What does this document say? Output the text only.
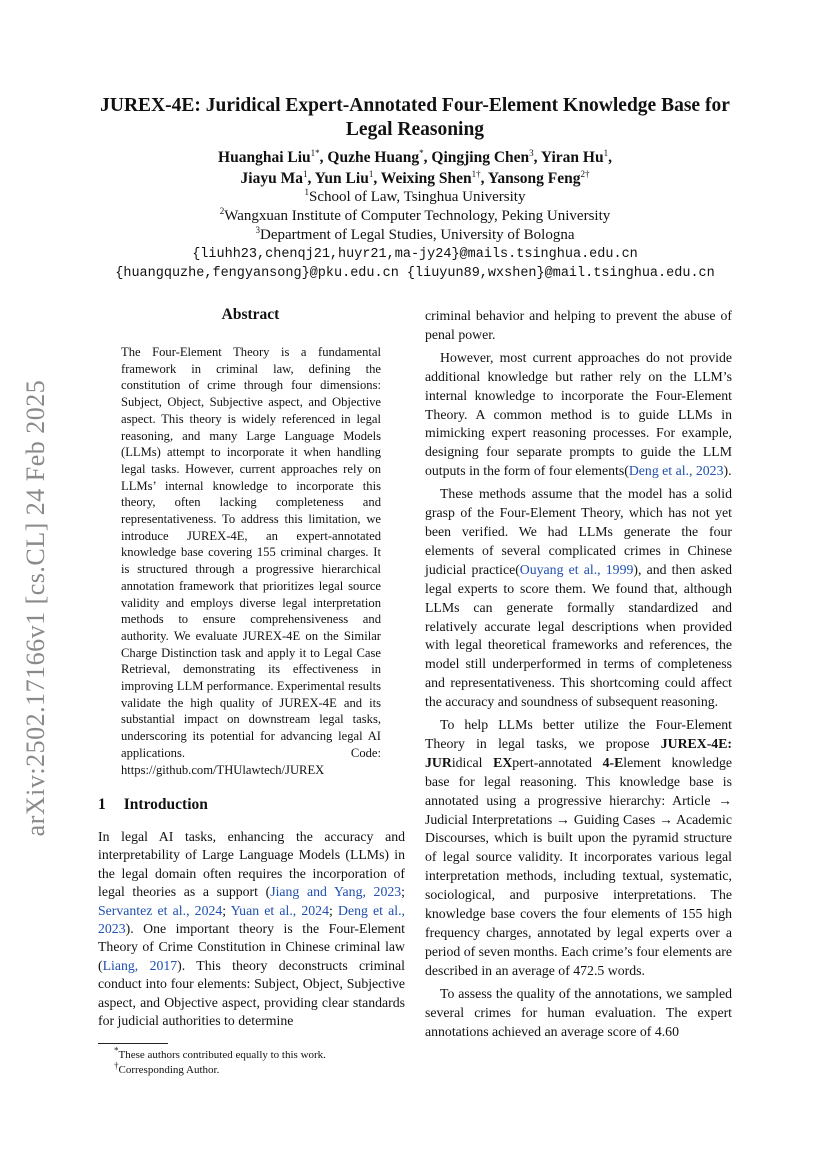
arXiv:2502.17166v1 [cs.CL] 24 Feb 2025
JUREX-4E: Juridical Expert-Annotated Four-Element Knowledge Base for
Legal Reasoning
Huanghai Liu$^{1*}$, Quzhe Huang*, Qingjing Chen$^3$, Yiran Hu$^1$,
Jiayu Ma$^1$, Yun Liu$^1$, Weixing Shen$^{1\dagger}$, Yansong Feng$^{2\dagger}$
$^1$School of Law, Tsinghua University
$^2$Wangxuan Institute of Computer Technology, Peking University
$^3$Department of Legal Studies, University of Bologna
{liuhh23,chenqj21,huyr21,ma-jy24}@mails.tsinghua.edu.cn
{huangquzhe,fengyansong}@pku.edu.cn {liuyun89,wxshen}@mail.tsinghua.edu.cn
Abstract
The Four-Element Theory is a fundamental framework in criminal law, defining the constitution of crime through four dimensions: Subject, Object, Subjective aspect, and Objective aspect. This theory is widely referenced in legal reasoning, and many Large Language Models (LLMs) attempt to incorporate it when handling legal tasks. However, current approaches rely on LLMs’ internal knowledge to incorporate this theory, often lacking completeness and representativeness. To address this limitation, we introduce JUREX-4E, an expert-annotated knowledge base covering 155 criminal charges. It is structured through a progressive hierarchical annotation framework that prioritizes legal source validity and employs diverse legal interpretation methods to ensure comprehensiveness and authority. We evaluate JUREX-4E on the Similar Charge Distinction task and apply it to Legal Case Retrieval, demonstrating its effectiveness in improving LLM performance. Experimental results validate the high quality of JUREX-4E and its substantial impact on downstream legal tasks, underscoring its potential for advancing legal AI applications. Code: https://github.com/THUlawtech/JUREX
1 Introduction

In legal AI tasks, enhancing the accuracy and interpretability of Large Language Models (LLMs) in the legal domain often requires the incorporation of legal theories as a support (Jiang and Yang, 2023; Servantez et al., 2024; Yuan et al., 2024; Deng et al., 2023). One important theory is the Four-Element Theory of Crime Constitution in Chinese criminal law (Liang, 2017). This theory deconstructs criminal conduct into four elements: Subject, Object, Subjective aspect, and Objective aspect, providing clear standards for judicial authorities to determine

*These authors contributed equally to this work.
†Corresponding Author.

criminal behavior and helping to prevent the abuse of penal power.

However, most current approaches do not provide additional knowledge but rather rely on the LLM’s internal knowledge to incorporate the Four-Element Theory. A common method is to guide LLMs in mimicking expert reasoning processes. For example, designing four separate prompts to guide the LLM outputs in the form of four elements(Deng et al., 2023).

These methods assume that the model has a solid grasp of the Four-Element Theory, which has not yet been verified. We had LLMs generate the four elements of several complicated crimes in Chinese judicial practice(Ouyang et al., 1999), and then asked legal experts to score them. We found that, although LLMs can generate formally standardized and relatively accurate legal descriptions when provided with legal theoretical frameworks and references, the model still underperformed in terms of completeness and representativeness. This shortcoming could affect the accuracy and soundness of subsequent reasoning.

To help LLMs better utilize the Four-Element Theory in legal tasks, we propose JUREX-4E: JURidical EXpert-annotated 4-Element knowledge base for legal reasoning. This knowledge base is annotated using a progressive hierarchy: Article → Judicial Interpretations → Guiding Cases → Academic Discourses, which is built upon the pyramid structure of legal source validity. It incorporates various legal interpretation methods, including textual, systematic, sociological, and purposive interpretations. The knowledge base covers the four elements of 155 high frequency charges, annotated by legal experts over a period of seven months. Each crime’s four elements are described in an average of 472.5 words.

To assess the quality of the annotations, we sampled several crimes for human evaluation. The expert annotations achieved an average score of 4.60
